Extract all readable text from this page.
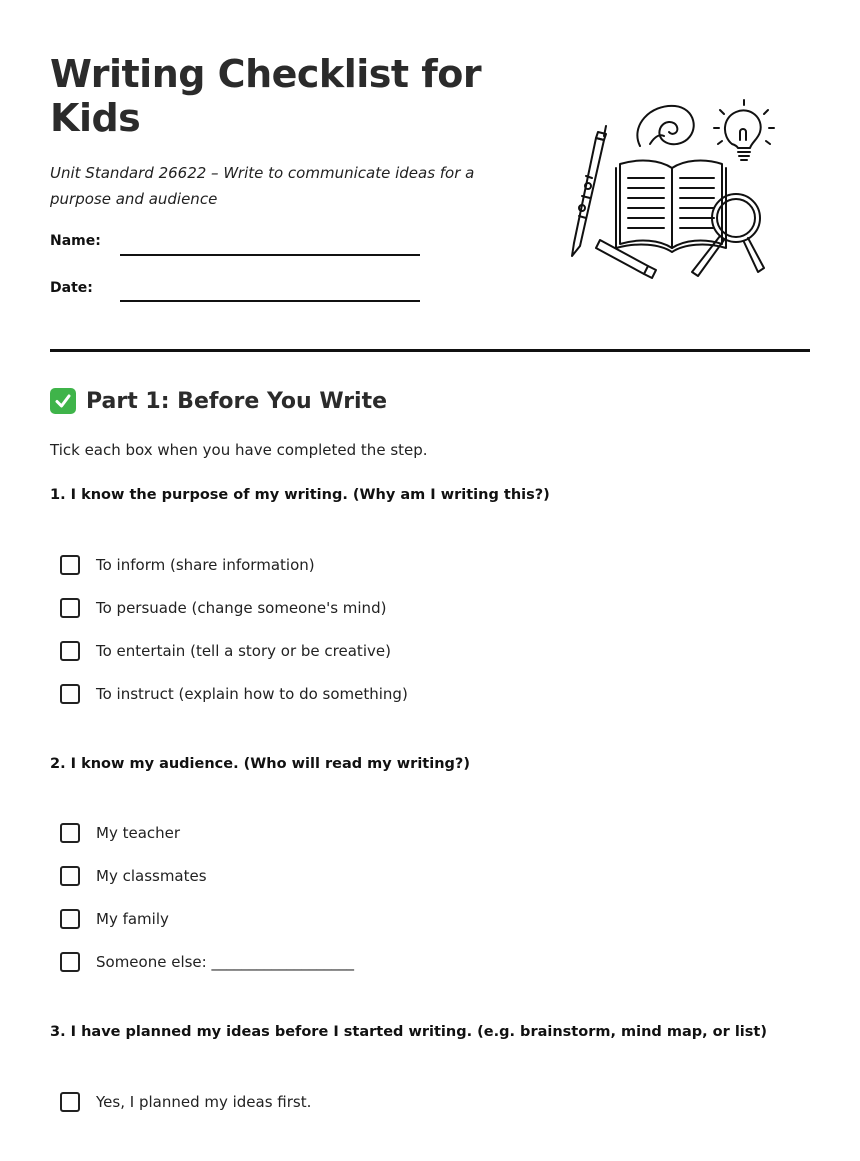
Writing Checklist for Kids

Unit Standard 26622 – Write to communicate ideas for a purpose and audience

Name:
Date:
Part 1: Before You Write
Tick each box when you have completed the step.
1. I know the purpose of my writing. (Why am I writing this?)
To inform (share information)
To persuade (change someone's mind)
To entertain (tell a story or be creative)
To instruct (explain how to do something)
2. I know my audience. (Who will read my writing?)
My teacher
My classmates
My family
Someone else: ___________________
3. I have planned my ideas before I started writing. (e.g. brainstorm, mind map, or list)
Yes, I planned my ideas first.
